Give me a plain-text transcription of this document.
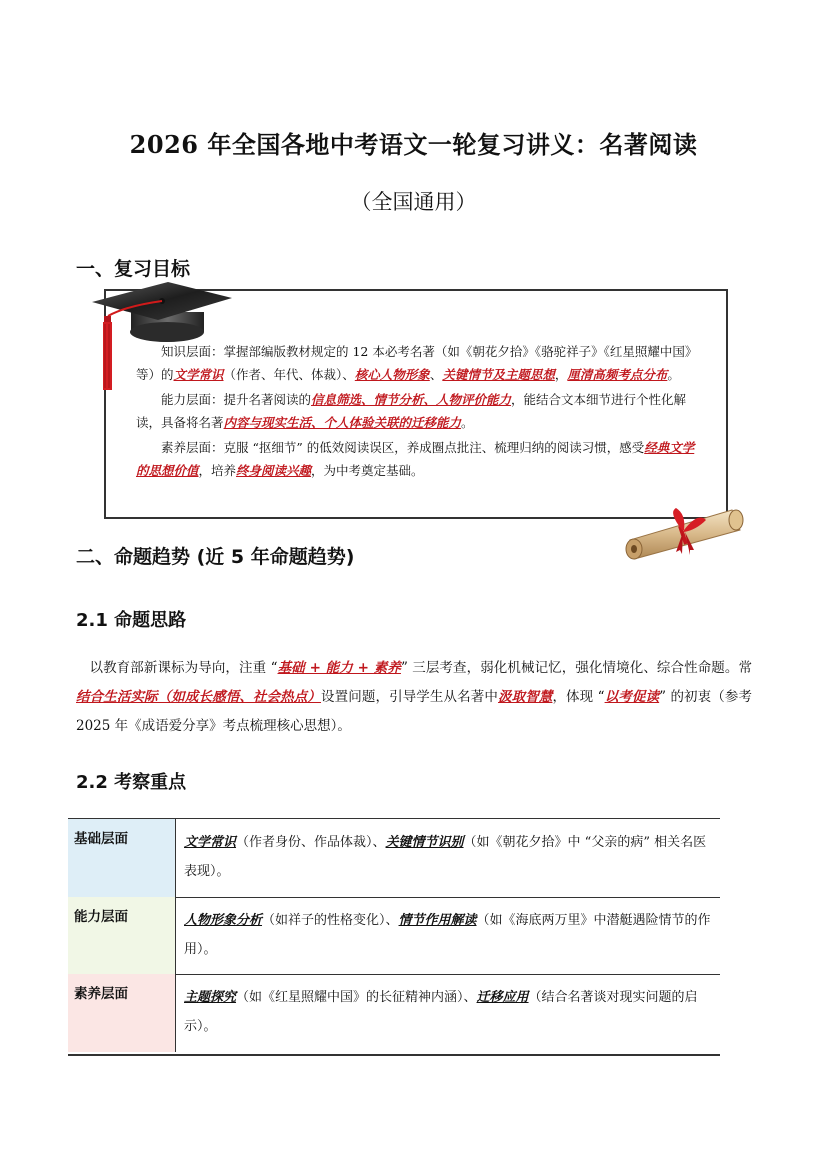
2026 年全国各地中考语文一轮复习讲义：名著阅读
（全国通用）
一、复习目标

知识层面：掌握部编版教材规定的 12 本必考名著（如《朝花夕拾》《骆驼祥子》《红星照耀中国》等）的文学常识（作者、年代、体裁）、核心人物形象、关键情节及主题思想，厘清高频考点分布。

能力层面：提升名著阅读的信息筛选、情节分析、人物评价能力，能结合文本细节进行个性化解读，具备将名著内容与现实生活、个人体验关联的迁移能力。

素养层面：克服 “抠细节” 的低效阅读误区，养成圈点批注、梳理归纳的阅读习惯，感受经典文学的思想价值，培养终身阅读兴趣，为中考奠定基础。

二、命题趋势 (近 5 年命题趋势)
2.1 命题思路

以教育部新课标为导向，注重 “基础 + 能力 + 素养” 三层考查，弱化机械记忆，强化情境化、综合性命题。常结合生活实际（如成长感悟、社会热点）设置问题，引导学生从名著中汲取智慧，体现 “以考促读” 的初衷（参考 2025 年《成语爱分享》考点梳理核心思想）。

2.2 考察重点
基础层面	文学常识（作者身份、作品体裁）、关键情节识别（如《朝花夕拾》中 “父亲的病” 相关名医表现）。
能力层面	人物形象分析（如祥子的性格变化）、情节作用解读（如《海底两万里》中潜艇遇险情节的作用）。
素养层面	主题探究（如《红星照耀中国》的长征精神内涵）、迁移应用（结合名著谈对现实问题的启示）。
